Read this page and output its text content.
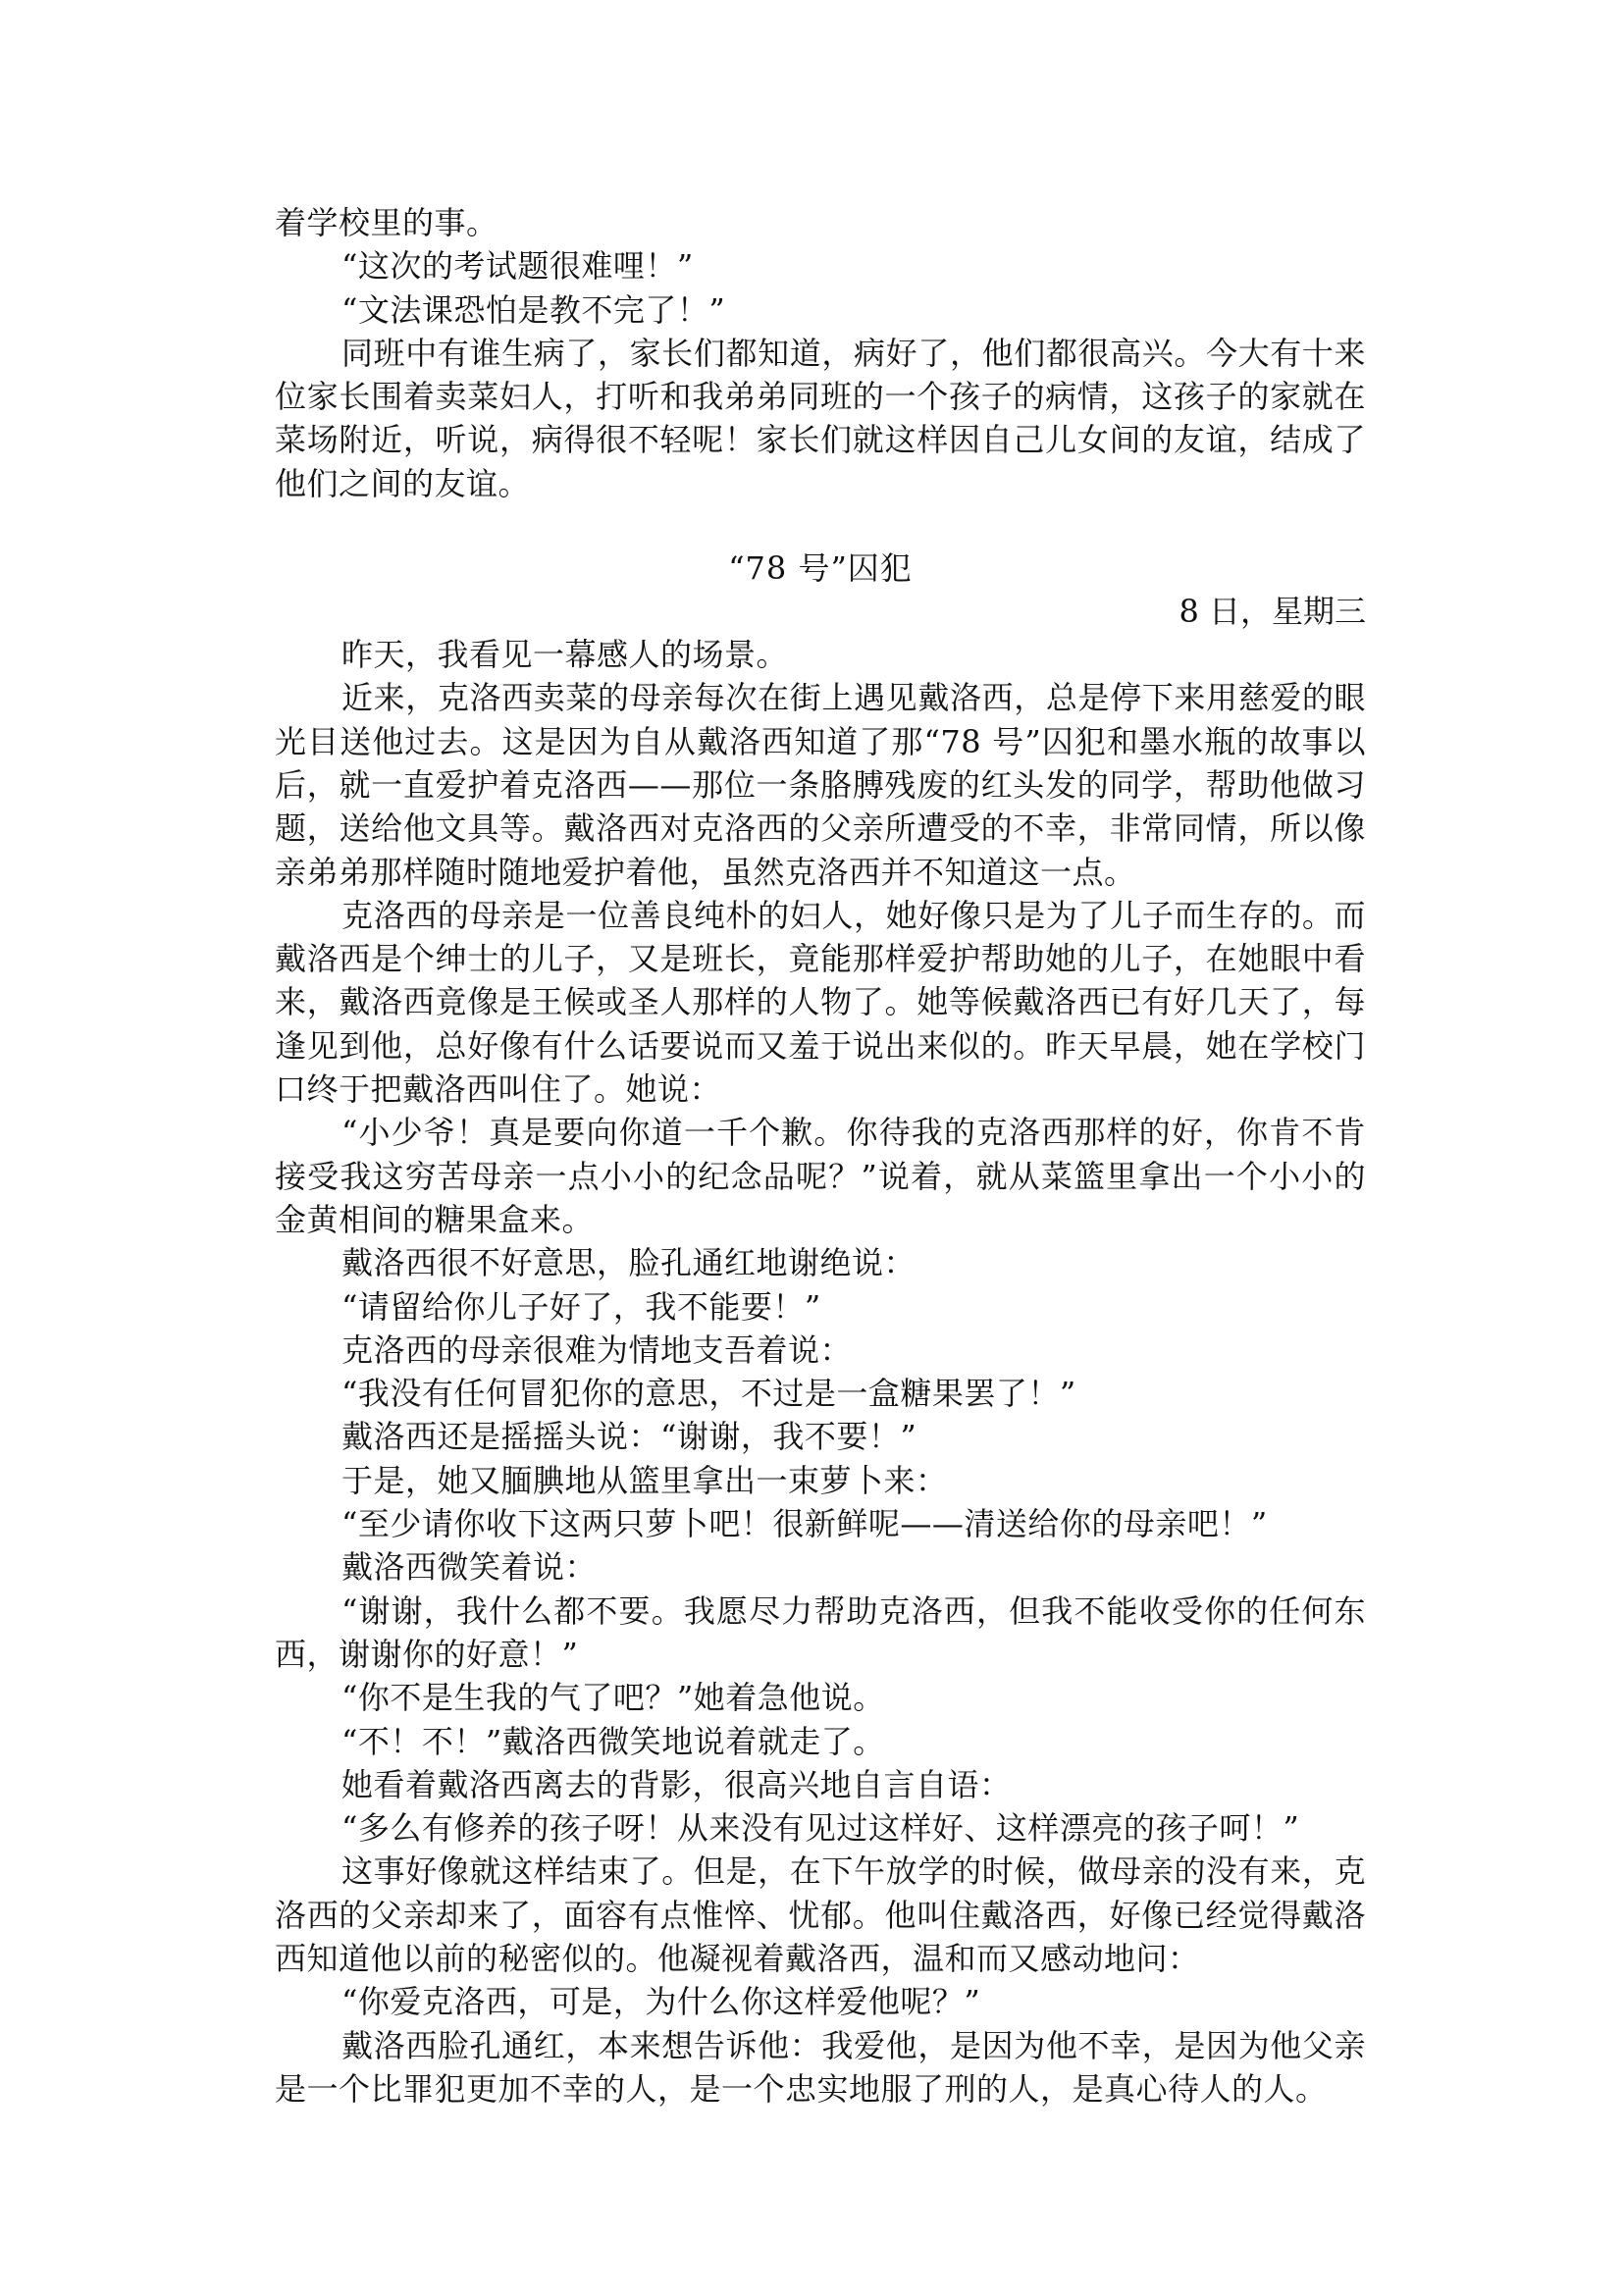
着学校里的事。

“这次的考试题很难哩！”

“文法课恐怕是教不完了！”

同班中有谁生病了，家长们都知道，病好了，他们都很高兴。今大有十来位家长围着卖菜妇人，打听和我弟弟同班的一个孩子的病情，这孩子的家就在菜场附近，听说，病得很不轻呢！家长们就这样因自己儿女间的友谊，结成了他们之间的友谊。

“78 号”囚犯
8 日，星期三

昨天，我看见一幕感人的场景。

近来，克洛西卖菜的母亲每次在街上遇见戴洛西，总是停下来用慈爱的眼光目送他过去。这是因为自从戴洛西知道了那“78 号”囚犯和墨水瓶的故事以后，就一直爱护着克洛西——那位一条胳膊残废的红头发的同学，帮助他做习题，送给他文具等。戴洛西对克洛西的父亲所遭受的不幸，非常同情，所以像亲弟弟那样随时随地爱护着他，虽然克洛西并不知道这一点。

克洛西的母亲是一位善良纯朴的妇人，她好像只是为了儿子而生存的。而戴洛西是个绅士的儿子，又是班长，竟能那样爱护帮助她的儿子，在她眼中看来，戴洛西竟像是王候或圣人那样的人物了。她等候戴洛西已有好几天了，每逢见到他，总好像有什么话要说而又羞于说出来似的。昨天早晨，她在学校门口终于把戴洛西叫住了。她说：

“小少爷！真是要向你道一千个歉。你待我的克洛西那样的好，你肯不肯接受我这穷苦母亲一点小小的纪念品呢？”说着，就从菜篮里拿出一个小小的金黄相间的糖果盒来。

戴洛西很不好意思，脸孔通红地谢绝说：

“请留给你儿子好了，我不能要！”

克洛西的母亲很难为情地支吾着说：

“我没有任何冒犯你的意思，不过是一盒糖果罢了！”

戴洛西还是摇摇头说：“谢谢，我不要！”

于是，她又腼腆地从篮里拿出一束萝卜来：

“至少请你收下这两只萝卜吧！很新鲜呢——清送给你的母亲吧！”

戴洛西微笑着说：

“谢谢，我什么都不要。我愿尽力帮助克洛西，但我不能收受你的任何东西，谢谢你的好意！”

“你不是生我的气了吧？”她着急他说。

“不！不！”戴洛西微笑地说着就走了。

她看着戴洛西离去的背影，很高兴地自言自语：

“多么有修养的孩子呀！从来没有见过这样好、这样漂亮的孩子呵！”

这事好像就这样结束了。但是，在下午放学的时候，做母亲的没有来，克洛西的父亲却来了，面容有点惟悴、忧郁。他叫住戴洛西，好像已经觉得戴洛西知道他以前的秘密似的。他凝视着戴洛西，温和而又感动地问：

“你爱克洛西，可是，为什么你这样爱他呢？”

戴洛西脸孔通红，本来想告诉他：我爱他，是因为他不幸，是因为他父亲是一个比罪犯更加不幸的人，是一个忠实地服了刑的人，是真心待人的人。
